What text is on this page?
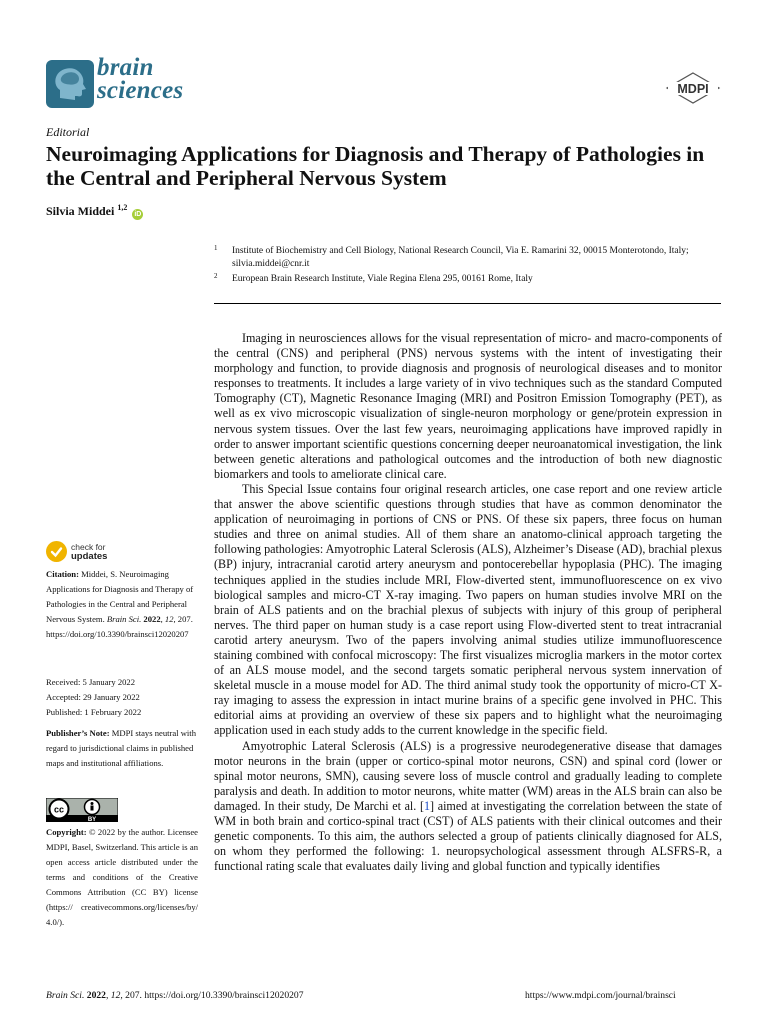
brain
sciences	MDPI
Editorial
Neuroimaging Applications for Diagnosis and Therapy of Pathologies in the Central and Peripheral Nervous System
Silvia Middei $^{1,2}$ iD
1 Institute of Biochemistry and Cell Biology, National Research Council, Via E. Ramarini 32, 00015 Monterotondo, Italy; silvia.middei@cnr.it
2 European Brain Research Institute, Viale Regina Elena 295, 00161 Rome, Italy

Imaging in neurosciences allows for the visual representation of micro- and macro-components of the central (CNS) and peripheral (PNS) nervous systems with the intent of investigating their morphology and function, to provide diagnosis and prognosis of neurological diseases and to monitor responses to treatments. It includes a large variety of in vivo techniques such as the standard Computed Tomography (CT), Magnetic Resonance Imaging (MRI) and Positron Emission Tomography (PET), as well as ex vivo microscopic visualization of single-neuron morphology or gene/protein expression in nervous system tissues. Over the last few years, neuroimaging applications have improved rapidly in order to answer important scientific questions concerning deeper neuroanatomical investigation, the link between genetic alterations and pathological outcomes and the introduction of both new diagnostic biomarkers and tools to ameliorate clinical care.

This Special Issue contains four original research articles, one case report and one review article that answer the above scientific questions through studies that have as common denominator the application of neuroimaging in portions of CNS or PNS. Of these six papers, three focus on human studies and three on animal studies. All of them share an anatomo-clinical approach targeting the following pathologies: Amyotrophic Lateral Sclerosis (ALS), Alzheimer’s Disease (AD), brachial plexus (BP) injury, intracranial carotid artery aneurysm and pontocerebellar hypoplasia (PHC). The imaging techniques applied in the studies include MRI, Flow-diverted stent, immunofluorescence on ex vivo biological samples and micro-CT X-ray imaging. Two papers on human studies involve MRI on the brain of ALS patients and on the brachial plexus of subjects with injury of this group of peripheral nerves. The third paper on human study is a case report using Flow-diverted stent to treat intracranial carotid artery aneurysm. Two of the papers involving animal studies utilize immunofluorescence staining combined with confocal microscopy: The first visualizes microglia markers in the motor cortex of an ALS mouse model, and the second targets somatic peripheral nervous system innervation of skeletal muscle in a mouse model for AD. The third animal study took the opportunity of micro-CT X-ray imaging to assess the expression in intact murine brains of a specific gene involved in PHC. This editorial aims at providing an overview of these six papers and to highlight what the neuroimaging application used in each study adds to the current knowledge in the specific field.

Amyotrophic Lateral Sclerosis (ALS) is a progressive neurodegenerative disease that damages motor neurons in the brain (upper or cortico-spinal motor neurons, CSN) and spinal cord (lower or spinal motor neurons, SMN), causing severe loss of muscle control and gradually leading to complete paralysis and death. In addition to motor neurons, white matter (WM) areas in the ALS brain can also be damaged. In their study, De Marchi et al. [1] aimed at investigating the correlation between the state of WM in both brain and cortico-spinal tract (CST) of ALS patients with their clinical outcomes and their genetic components. To this aim, the authors selected a group of patients clinically diagnosed for ALS, on whom they performed the following: 1. neuropsychological assessment through ALSFRS-R, a functional rating scale that evaluates daily living and global function and typically identifies

check for
updates
Citation: Middei, S. Neuroimaging Applications for Diagnosis and Therapy of Pathologies in the Central and Peripheral Nervous System. Brain Sci. 2022, 12, 207. https://doi.org/10.3390/brainsci12020207
Received: 5 January 2022
Accepted: 29 January 2022
Published: 1 February 2022
Publisher’s Note: MDPI stays neutral with regard to jurisdictional claims in published maps and institutional affiliations.
cc
BY
Copyright: © 2022 by the author. Licensee MDPI, Basel, Switzerland. This article is an open access article distributed under the terms and conditions of the Creative Commons Attribution (CC BY) license (https:// creativecommons.org/licenses/by/ 4.0/).
Brain Sci. 2022, 12, 207. https://doi.org/10.3390/brainsci12020207	https://www.mdpi.com/journal/brainsci
